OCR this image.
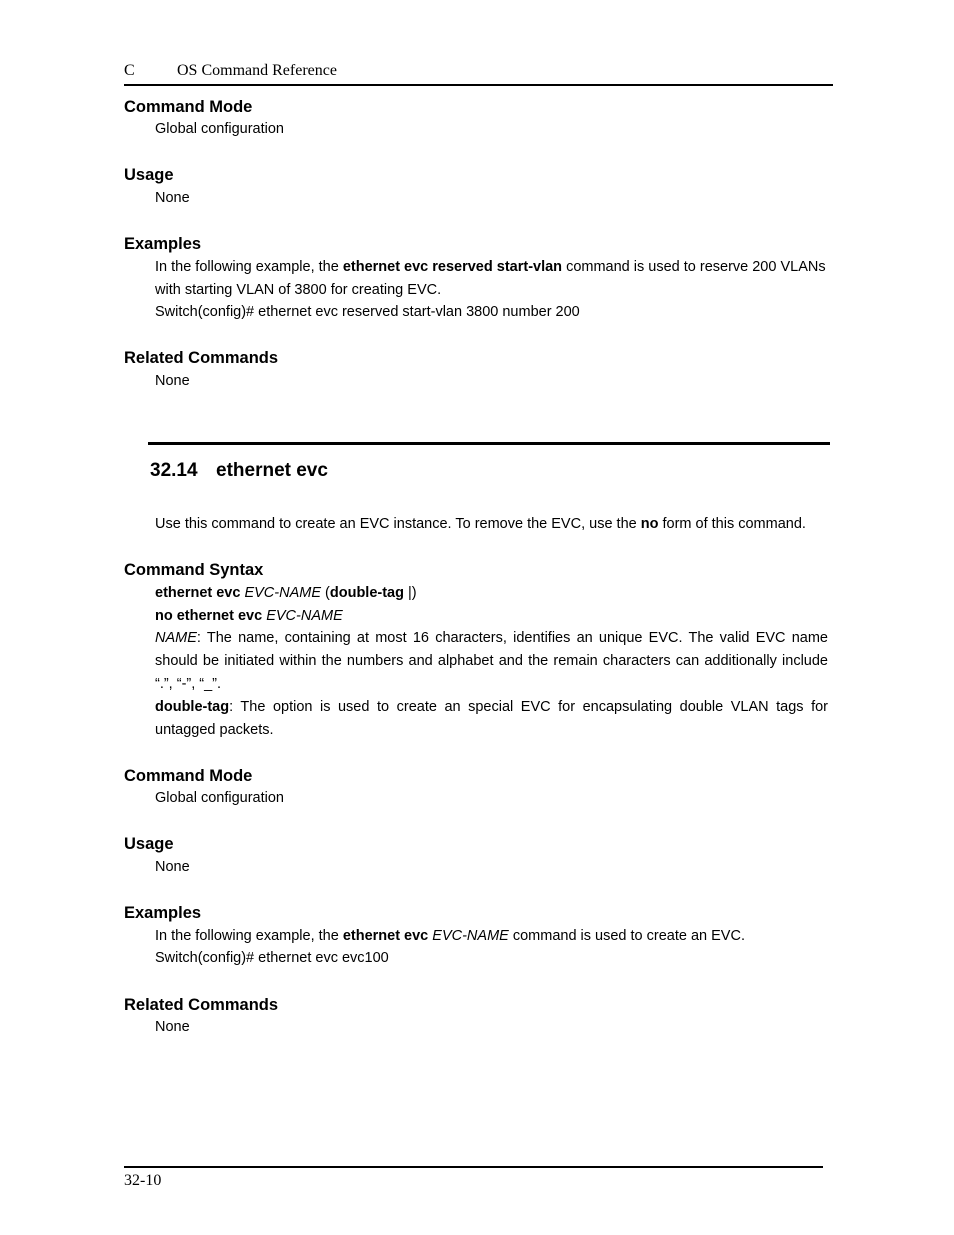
C	OS Command Reference
Command Mode
Global configuration
Usage
None
Examples
In the following example, the ethernet evc reserved start-vlan command is used to reserve 200 VLANs with starting VLAN of 3800 for creating EVC.
Switch(config)# ethernet evc reserved start-vlan 3800 number 200
Related Commands
None
32.14 ethernet evc
Use this command to create an EVC instance. To remove the EVC, use the no form of this command.
Command Syntax
ethernet evc EVC-NAME (double-tag |)
no ethernet evc EVC-NAME
NAME: The name, containing at most 16 characters, identifies an unique EVC. The valid EVC name should be initiated within the numbers and alphabet and the remain characters can additionally include “.”, “-”, “_”.
double-tag: The option is used to create an special EVC for encapsulating double VLAN tags for untagged packets.
Command Mode
Global configuration
Usage
None
Examples
In the following example, the ethernet evc EVC-NAME command is used to create an EVC.
Switch(config)# ethernet evc evc100
Related Commands
None
32-10
